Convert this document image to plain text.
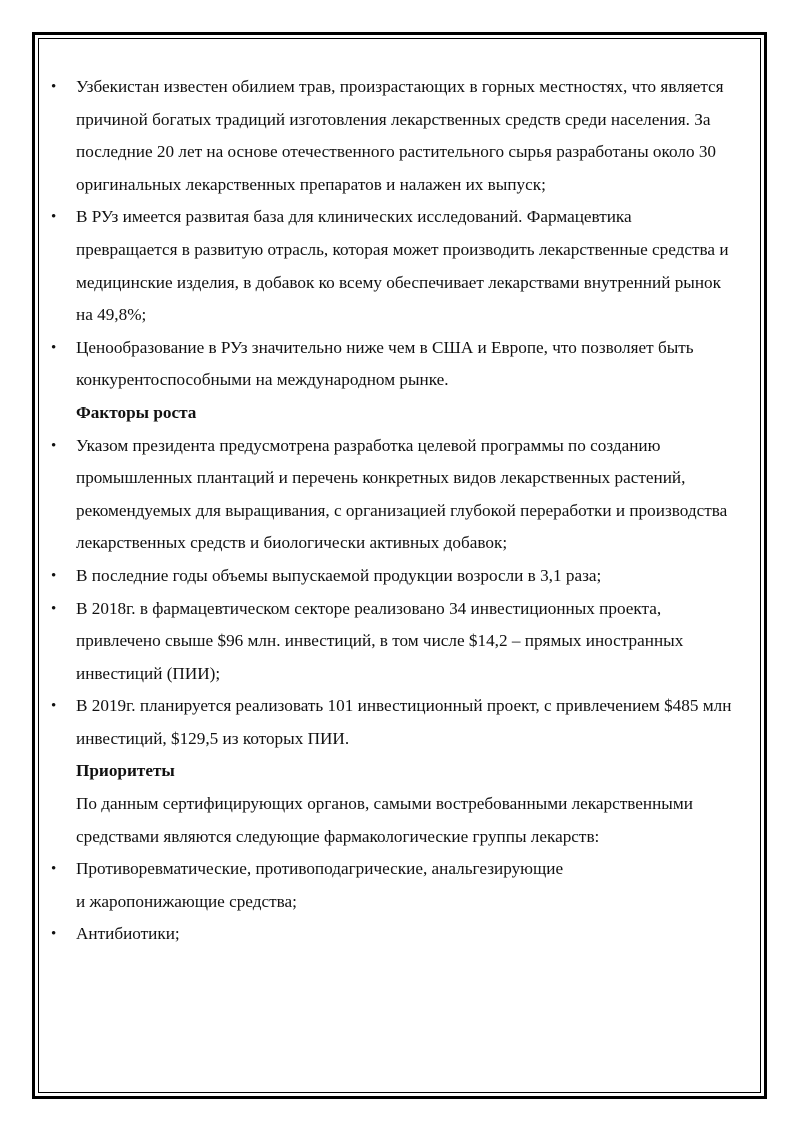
• Узбекистан известен обилием трав, произрастающих в горных местностях, что является причиной богатых традиций изготовления лекарственных средств среди населения. За последние 20 лет на основе отечественного растительного сырья разработаны около 30 оригинальных лекарственных препаратов и налажен их выпуск;

• В РУз имеется развитая база для клинических исследований. Фармацевтика превращается в развитую отрасль, которая может производить лекарственные средства и медицинские изделия, в добавок ко всему обеспечивает лекарствами внутренний рынок на 49,8%;

• Ценообразование в РУз значительно ниже чем в США и Европе, что позволяет быть конкурентоспособными на международном рынке.

Факторы роста

• Указом президента предусмотрена разработка целевой программы по созданию промышленных плантаций и перечень конкретных видов лекарственных растений, рекомендуемых для выращивания, с организацией глубокой переработки и производства лекарственных средств и биологически активных добавок;

• В последние годы объемы выпускаемой продукции возросли в 3,1 раза;

• В 2018г. в фармацевтическом секторе реализовано 34 инвестиционных проекта, привлечено свыше $96 млн. инвестиций, в том числе $14,2 – прямых иностранных инвестиций (ПИИ);

• В 2019г. планируется реализовать 101 инвестиционный проект, с привлечением $485 млн инвестиций, $129,5 из которых ПИИ.

Приоритеты

По данным сертифицирующих органов, самыми востребованными лекарственными средствами являются следующие фармакологические группы лекарств:

• Противоревматические, противоподагрические, анальгезирующие

и жаропонижающие средства;

• Антибиотики;
